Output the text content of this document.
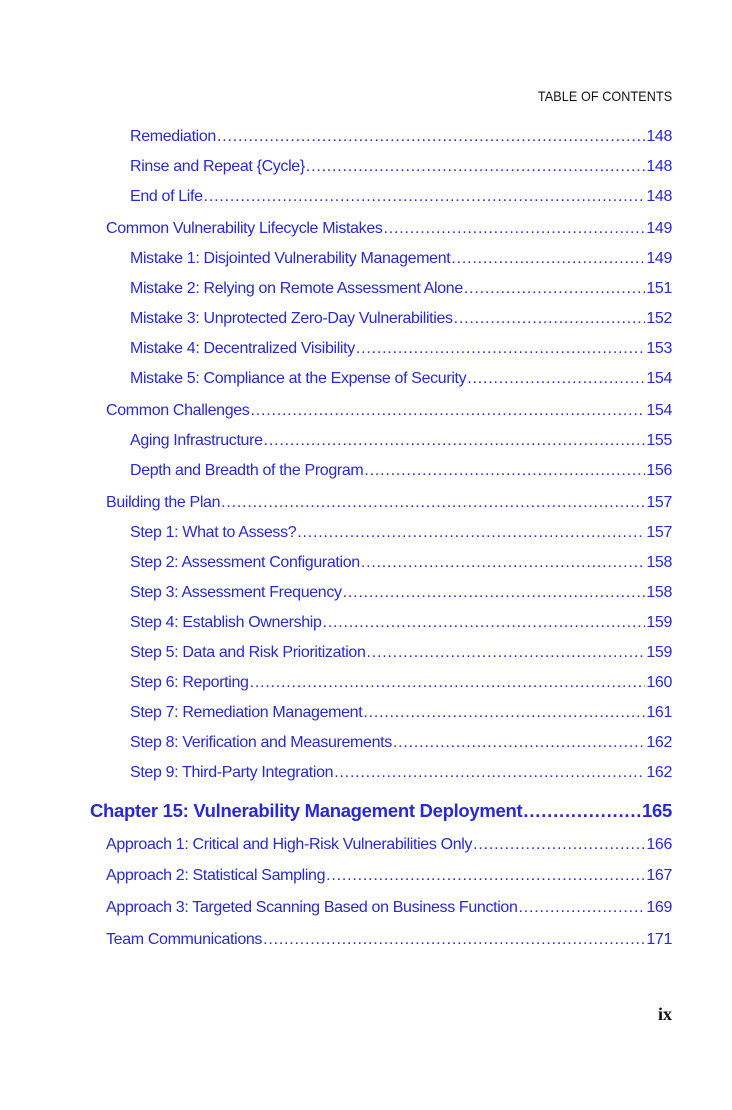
TABLE OF CONTENTS
Remediation .....	148
Rinse and Repeat {Cycle} .....	148
End of Life .....	148
Common Vulnerability Lifecycle Mistakes .....	149
Mistake 1: Disjointed Vulnerability Management .....	149
Mistake 2: Relying on Remote Assessment Alone .....	151
Mistake 3: Unprotected Zero-Day Vulnerabilities .....	152
Mistake 4: Decentralized Visibility .....	153
Mistake 5: Compliance at the Expense of Security .....	154
Common Challenges .....	154
Aging Infrastructure .....	155
Depth and Breadth of the Program .....	156
Building the Plan .....	157
Step 1: What to Assess? .....	157
Step 2: Assessment Configuration .....	158
Step 3: Assessment Frequency .....	158
Step 4: Establish Ownership .....	159
Step 5: Data and Risk Prioritization .....	159
Step 6: Reporting .....	160
Step 7: Remediation Management .....	161
Step 8: Verification and Measurements .....	162
Step 9: Third-Party Integration .....	162
Chapter 15: Vulnerability Management Deployment .....	165
Approach 1: Critical and High-Risk Vulnerabilities Only .....	166
Approach 2: Statistical Sampling .....	167
Approach 3: Targeted Scanning Based on Business Function .....	169
Team Communications .....	171
ix
